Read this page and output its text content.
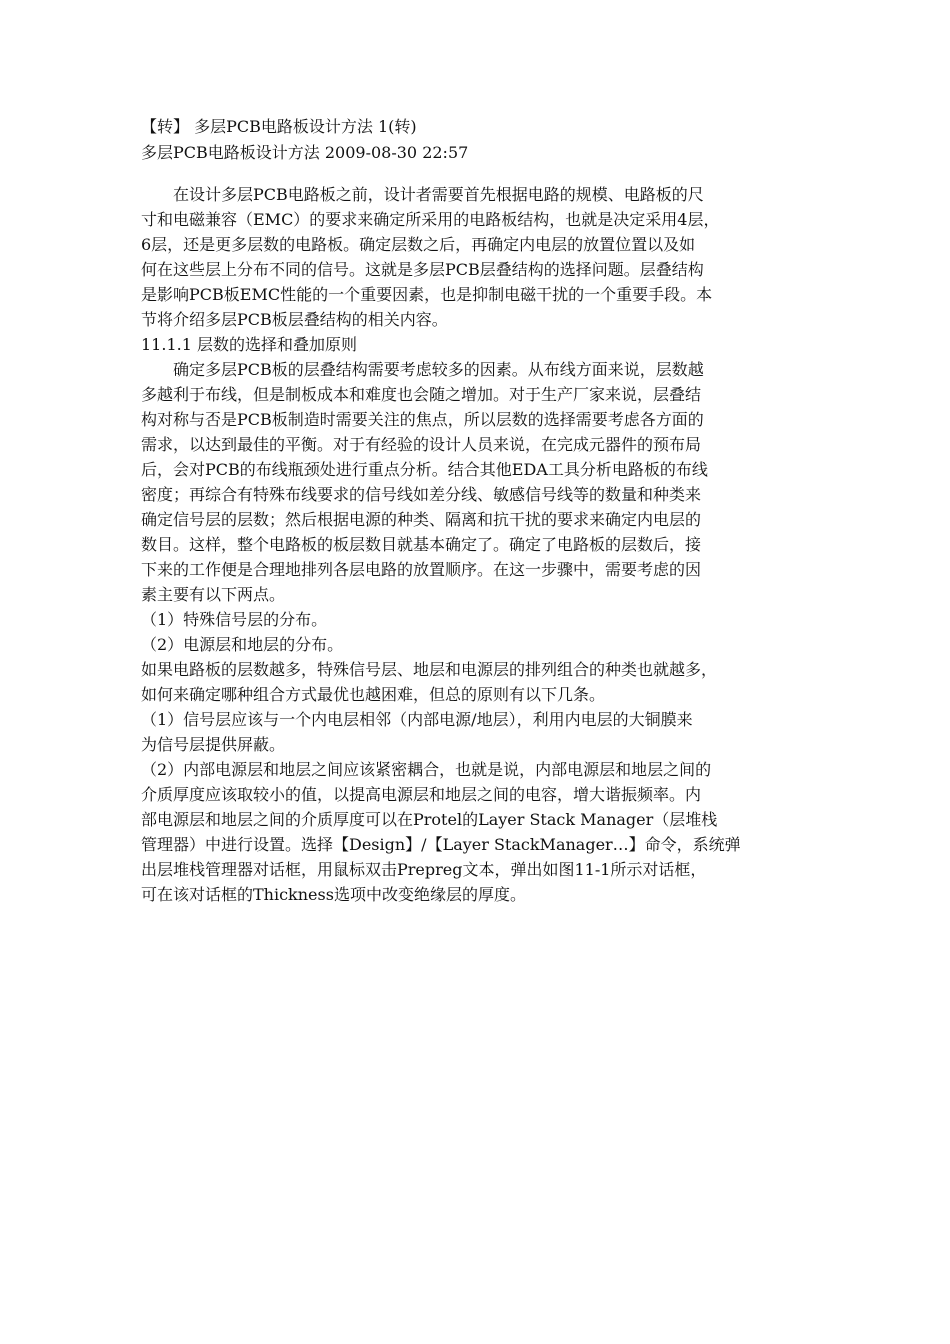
【转】 多层PCB电路板设计方法 1(转)
多层PCB电路板设计方法 2009-08-30 22:57
在设计多层PCB电路板之前，设计者需要首先根据电路的规模、电路板的尺
寸和电磁兼容（EMC）的要求来确定所采用的电路板结构，也就是决定采用4层，
6层，还是更多层数的电路板。确定层数之后，再确定内电层的放置位置以及如
何在这些层上分布不同的信号。这就是多层PCB层叠结构的选择问题。层叠结构
是影响PCB板EMC性能的一个重要因素，也是抑制电磁干扰的一个重要手段。本
节将介绍多层PCB板层叠结构的相关内容。
11.1.1 层数的选择和叠加原则
确定多层PCB板的层叠结构需要考虑较多的因素。从布线方面来说，层数越
多越利于布线，但是制板成本和难度也会随之增加。对于生产厂家来说，层叠结
构对称与否是PCB板制造时需要关注的焦点，所以层数的选择需要考虑各方面的
需求，以达到最佳的平衡。对于有经验的设计人员来说，在完成元器件的预布局
后，会对PCB的布线瓶颈处进行重点分析。结合其他EDA工具分析电路板的布线
密度；再综合有特殊布线要求的信号线如差分线、敏感信号线等的数量和种类来
确定信号层的层数；然后根据电源的种类、隔离和抗干扰的要求来确定内电层的
数目。这样，整个电路板的板层数目就基本确定了。确定了电路板的层数后，接
下来的工作便是合理地排列各层电路的放置顺序。在这一步骤中，需要考虑的因
素主要有以下两点。
（1）特殊信号层的分布。
（2）电源层和地层的分布。
如果电路板的层数越多，特殊信号层、地层和电源层的排列组合的种类也就越多，
如何来确定哪种组合方式最优也越困难，但总的原则有以下几条。
（1）信号层应该与一个内电层相邻（内部电源/地层），利用内电层的大铜膜来
为信号层提供屏蔽。
（2）内部电源层和地层之间应该紧密耦合，也就是说，内部电源层和地层之间的
介质厚度应该取较小的值，以提高电源层和地层之间的电容，增大谐振频率。内
部电源层和地层之间的介质厚度可以在Protel的Layer Stack Manager（层堆栈
管理器）中进行设置。选择【Design】/【Layer StackManager…】命令，系统弹
出层堆栈管理器对话框，用鼠标双击Prepreg文本，弹出如图11-1所示对话框，
可在该对话框的Thickness选项中改变绝缘层的厚度。
